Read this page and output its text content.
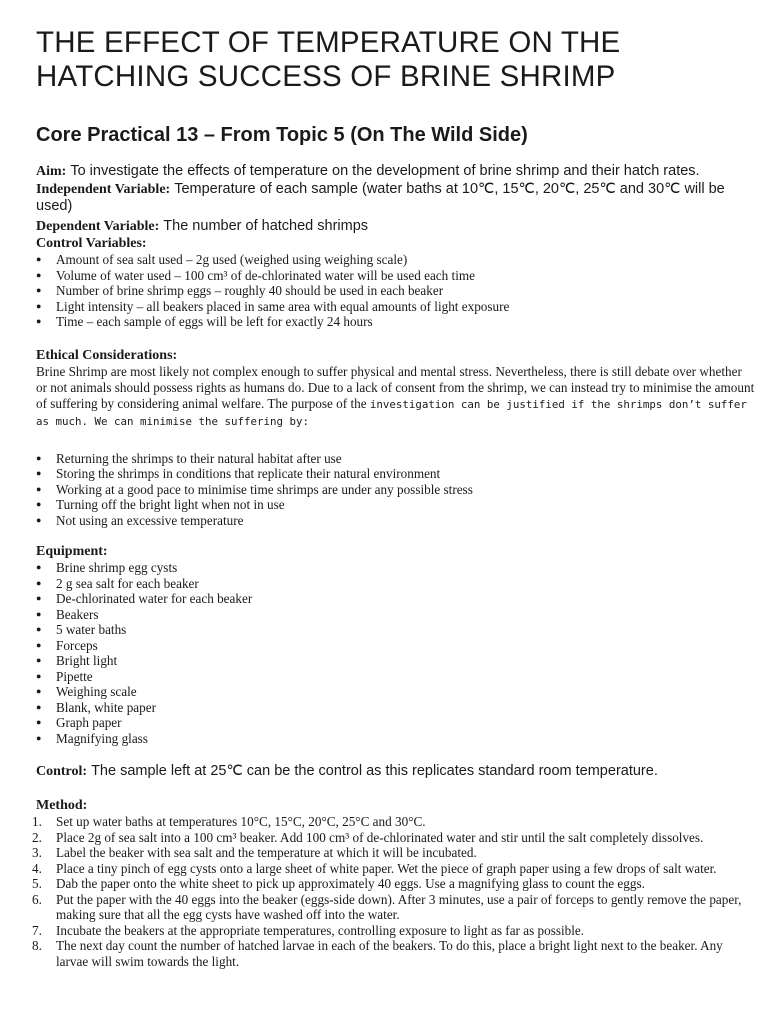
THE EFFECT OF TEMPERATURE ON THE HATCHING SUCCESS OF BRINE SHRIMP
Core Practical 13 – From Topic 5 (On The Wild Side)

Aim: To investigate the effects of temperature on the development of brine shrimp and their hatch rates.

Independent Variable: Temperature of each sample (water baths at 10℃, 15℃, 20℃, 25℃ and 30℃ will be used)

Dependent Variable: The number of hatched shrimps

Control Variables:

● Amount of sea salt used – 2g used (weighed using weighing scale)
● Volume of water used – 100 cm³ of de-chlorinated water will be used each time
● Number of brine shrimp eggs – roughly 40 should be used in each beaker
● Light intensity – all beakers placed in same area with equal amounts of light exposure
● Time – each sample of eggs will be left for exactly 24 hours

Ethical Considerations:

Brine Shrimp are most likely not complex enough to suffer physical and mental stress. Nevertheless, there is still debate over whether or not animals should possess rights as humans do. Due to a lack of consent from the shrimp, we can instead try to minimise the amount of suffering by considering animal welfare. The purpose of the investigation can be justified if the shrimps don’t suffer as much. We can minimise the suffering by:

● Returning the shrimps to their natural habitat after use
● Storing the shrimps in conditions that replicate their natural environment
● Working at a good pace to minimise time shrimps are under any possible stress
● Turning off the bright light when not in use
● Not using an excessive temperature

Equipment:

● Brine shrimp egg cysts
● 2 g sea salt for each beaker
● De-chlorinated water for each beaker
● Beakers
● 5 water baths
● Forceps
● Bright light
● Pipette
● Weighing scale
● Blank, white paper
● Graph paper
● Magnifying glass

Control: The sample left at 25℃ can be the control as this replicates standard room temperature.

Method:

1. Set up water baths at temperatures 10°C, 15°C, 20°C, 25°C and 30°C.
2. Place 2g of sea salt into a 100 cm³ beaker. Add 100 cm³ of de-chlorinated water and stir until the salt completely dissolves.
3. Label the beaker with sea salt and the temperature at which it will be incubated.
4. Place a tiny pinch of egg cysts onto a large sheet of white paper. Wet the piece of graph paper using a few drops of salt water.
5. Dab the paper onto the white sheet to pick up approximately 40 eggs. Use a magnifying glass to count the eggs.
6. Put the paper with the 40 eggs into the beaker (eggs-side down). After 3 minutes, use a pair of forceps to gently remove the paper, making sure that all the egg cysts have washed off into the water.
7. Incubate the beakers at the appropriate temperatures, controlling exposure to light as far as possible.
8. The next day count the number of hatched larvae in each of the beakers. To do this, place a bright light next to the beaker. Any larvae will swim towards the light.
